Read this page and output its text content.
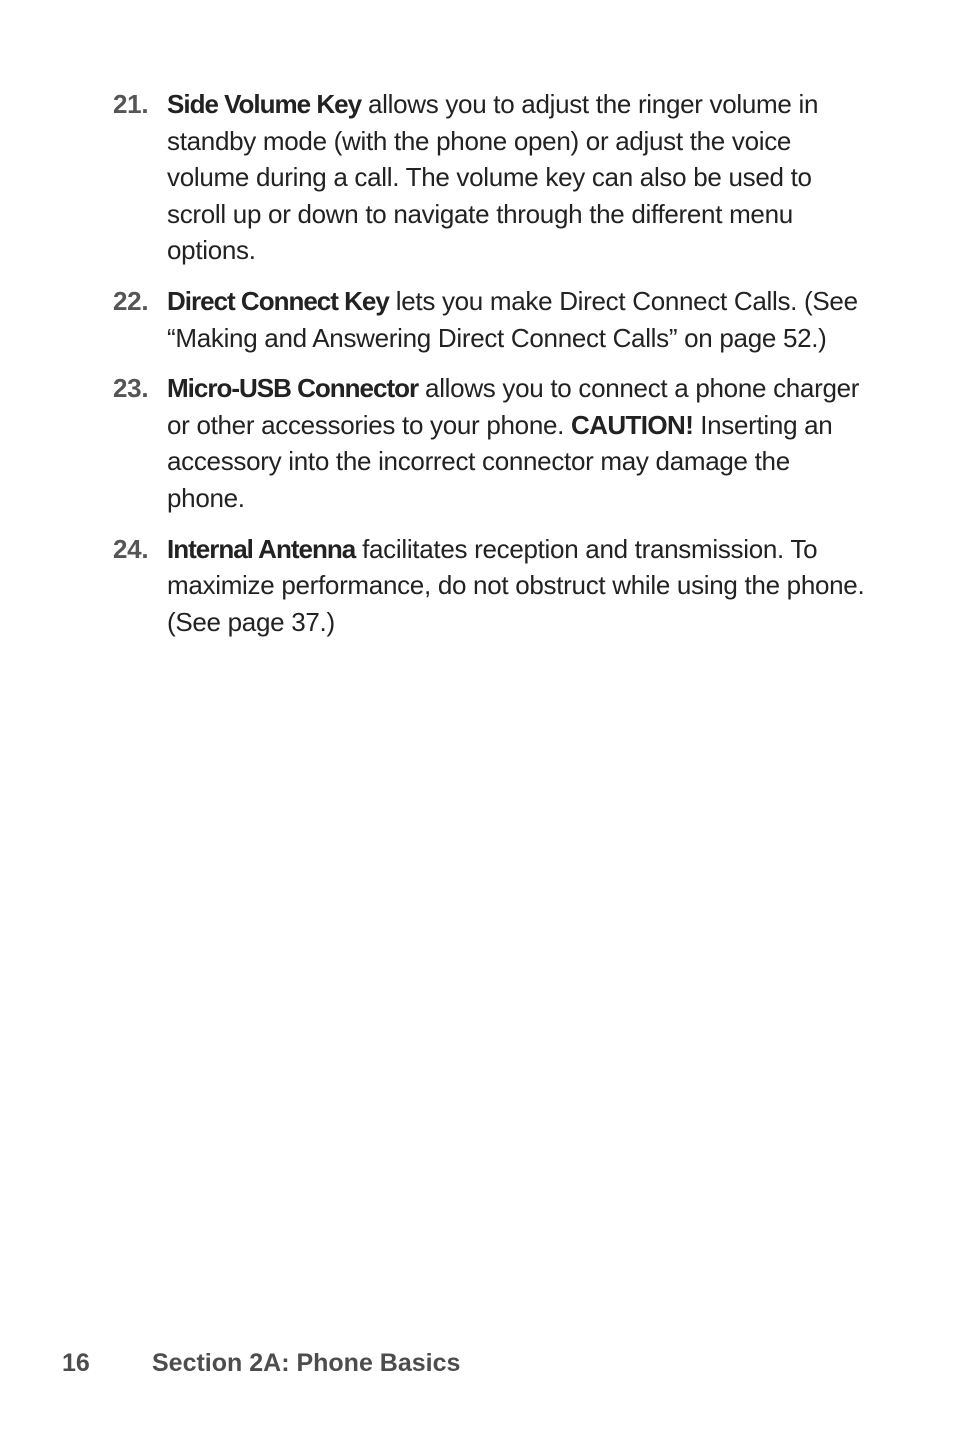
21. Side Volume Key allows you to adjust the ringer volume in standby mode (with the phone open) or adjust the voice volume during a call. The volume key can also be used to scroll up or down to navigate through the different menu options.
22. Direct Connect Key lets you make Direct Connect Calls. (See “Making and Answering Direct Connect Calls” on page 52.)
23. Micro-USB Connector allows you to connect a phone charger or other accessories to your phone. CAUTION! Inserting an accessory into the incorrect connector may damage the phone.
24. Internal Antenna facilitates reception and transmission. To maximize performance, do not obstruct while using the phone. (See page 37.)
16 Section 2A: Phone Basics
